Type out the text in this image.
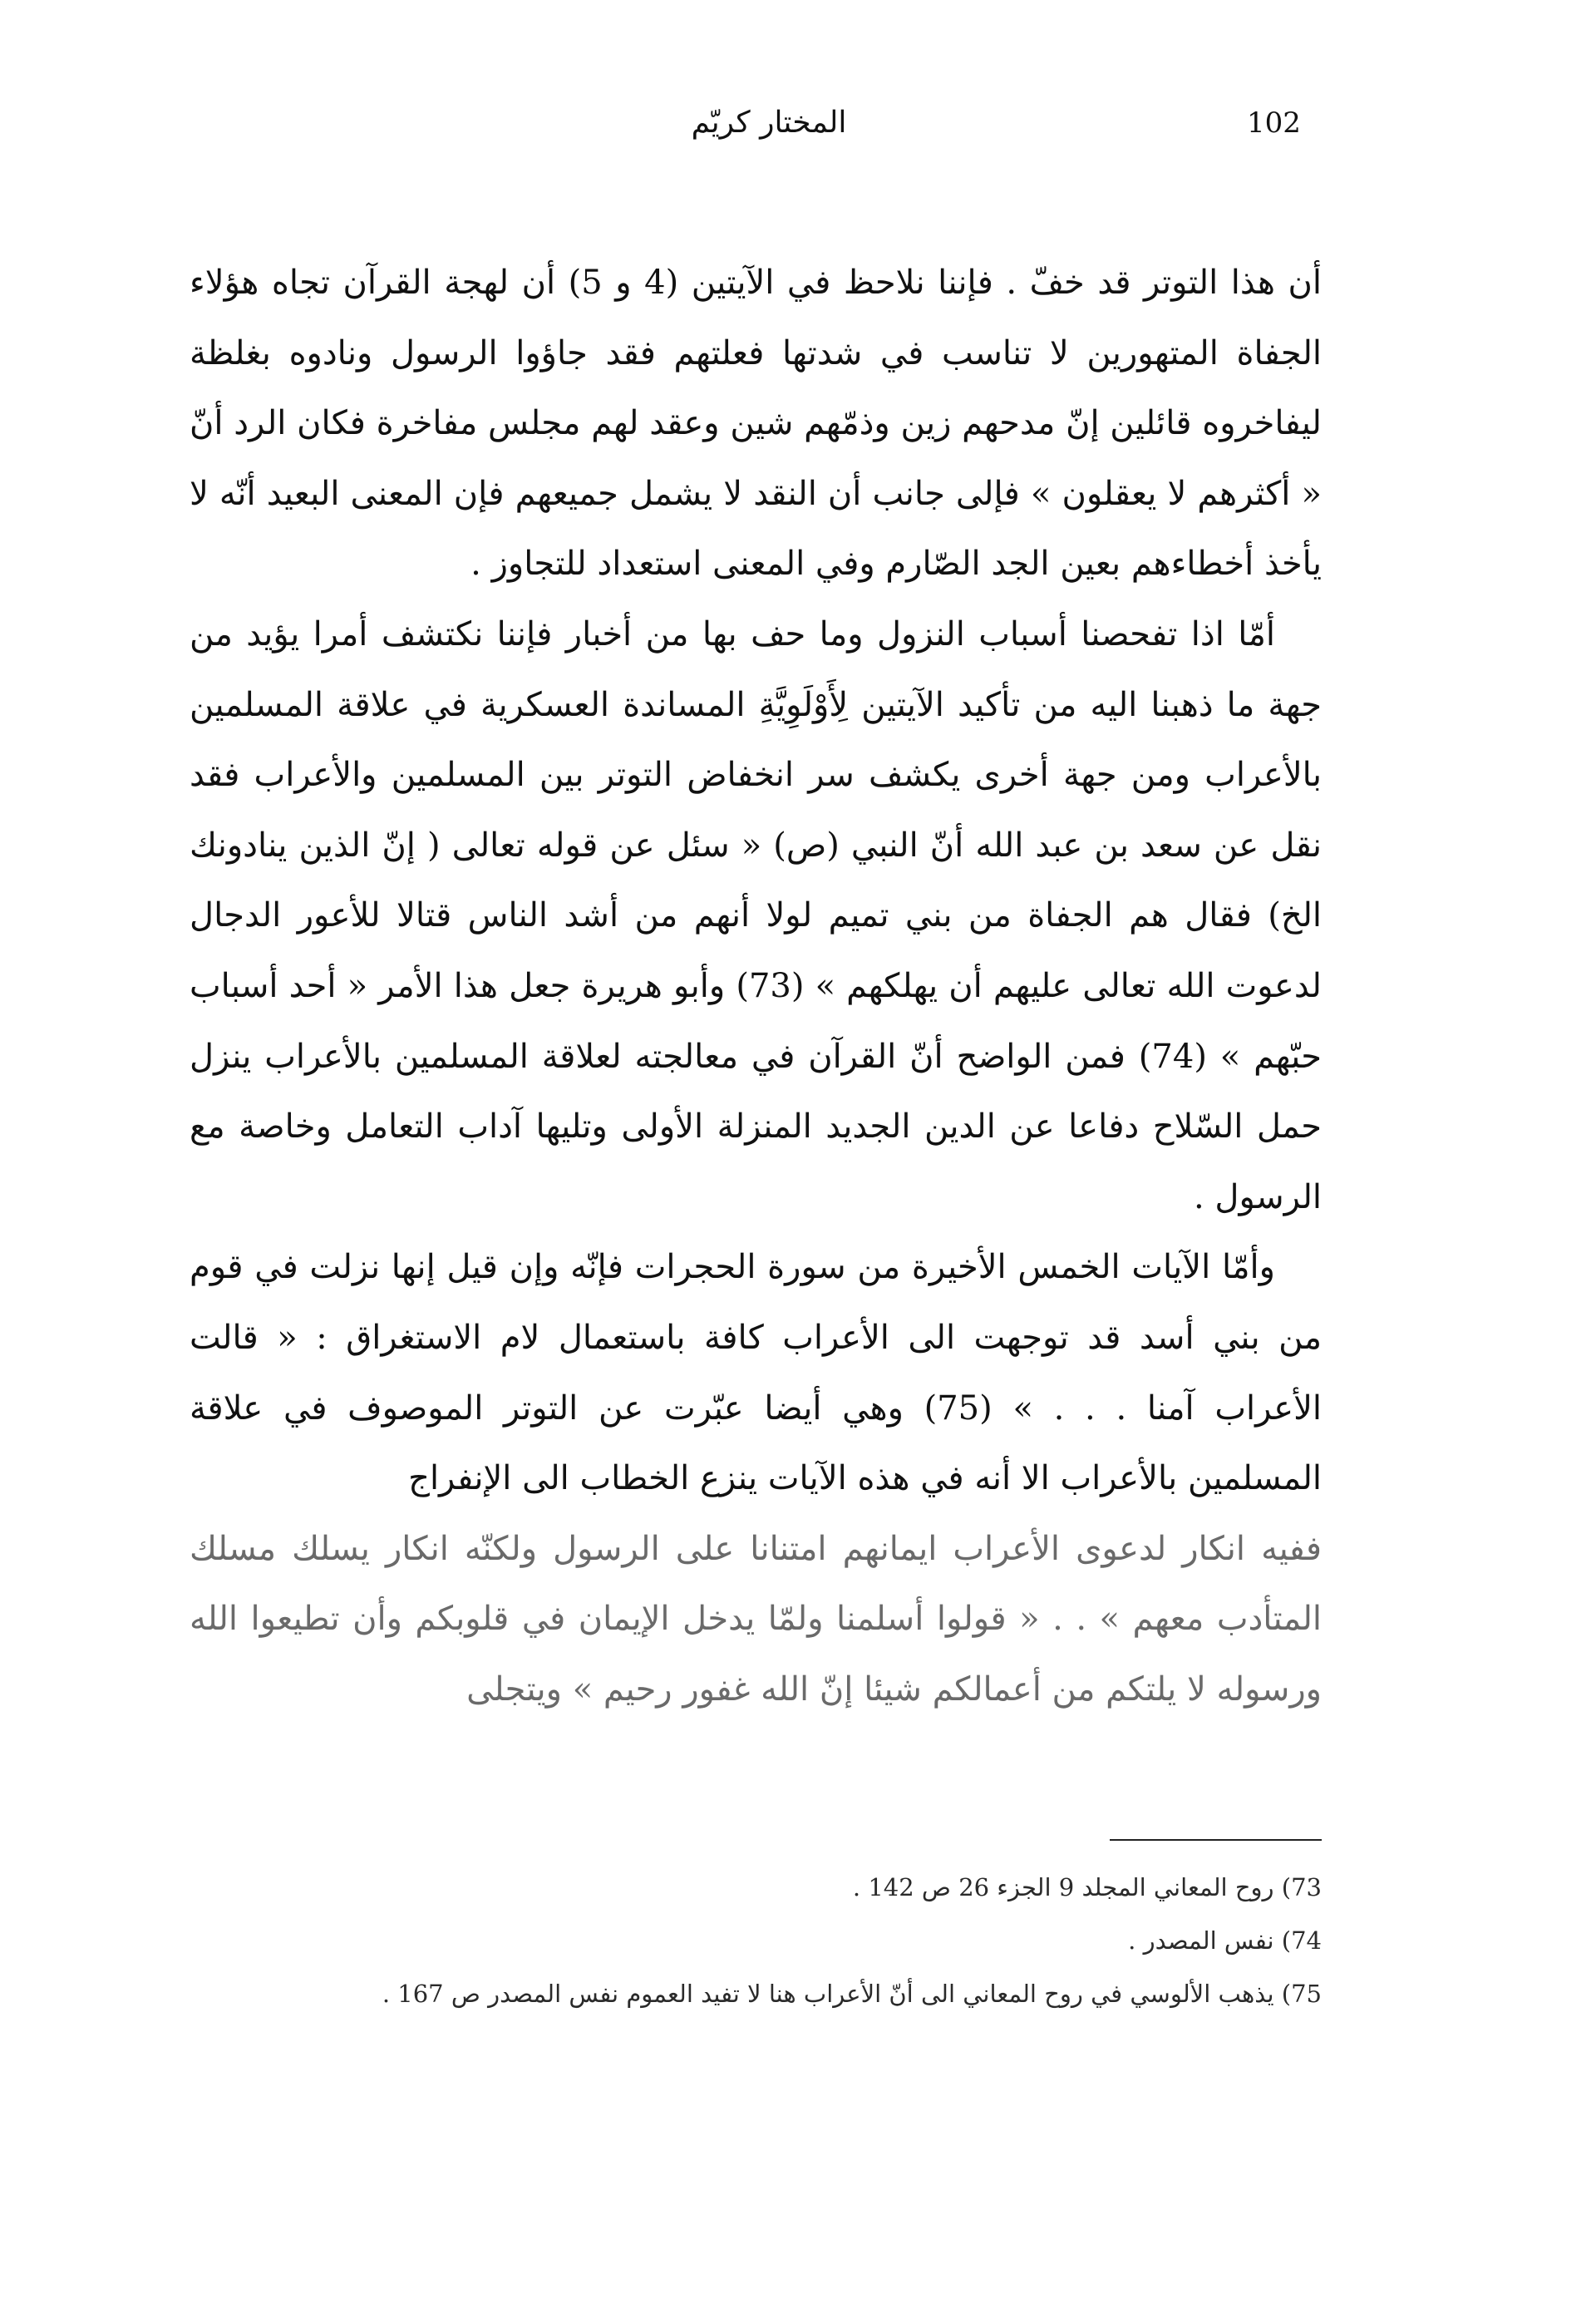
المختار كريّم	102

أن هذا التوتر قد خفّ . فإننا نلاحظ في الآيتين (4 و 5) أن لهجة القرآن تجاه هؤلاء الجفاة المتهورين لا تناسب في شدتها فعلتهم فقد جاؤوا الرسول ونادوه بغلظة ليفاخروه قائلين إنّ مدحهم زين وذمّهم شين وعقد لهم مجلس مفاخرة فكان الرد أنّ « أكثرهم لا يعقلون » فإلى جانب أن النقد لا يشمل جميعهم فإن المعنى البعيد أنّه لا يأخذ أخطاءهم بعين الجد الصّارم وفي المعنى استعداد للتجاوز .

أمّا اذا تفحصنا أسباب النزول وما حف بها من أخبار فإننا نكتشف أمرا يؤيد من جهة ما ذهبنا اليه من تأكيد الآيتين لِأَوْلَوِيَّةِ المساندة العسكرية في علاقة المسلمين بالأعراب ومن جهة أخرى يكشف سر انخفاض التوتر بين المسلمين والأعراب فقد نقل عن سعد بن عبد الله أنّ النبي (ص) « سئل عن قوله تعالى ( إنّ الذين ينادونك الخ) فقال هم الجفاة من بني تميم لولا أنهم من أشد الناس قتالا للأعور الدجال لدعوت الله تعالى عليهم أن يهلكهم » (73) وأبو هريرة جعل هذا الأمر « أحد أسباب حبّهم » (74) فمن الواضح أنّ القرآن في معالجته لعلاقة المسلمين بالأعراب ينزل حمل السّلاح دفاعا عن الدين الجديد المنزلة الأولى وتليها آداب التعامل وخاصة مع الرسول .

وأمّا الآيات الخمس الأخيرة من سورة الحجرات فإنّه وإن قيل إنها نزلت في قوم من بني أسد قد توجهت الى الأعراب كافة باستعمال لام الاستغراق : « قالت الأعراب آمنا . . . » (75) وهي أيضا عبّرت عن التوتر الموصوف في علاقة المسلمين بالأعراب الا أنه في هذه الآيات ينزع الخطاب الى الإنفراج

ففيه انكار لدعوى الأعراب ايمانهم امتنانا على الرسول ولكنّه انكار يسلك مسلك المتأدب معهم » . . « قولوا أسلمنا ولمّا يدخل الإيمان في قلوبكم وأن تطيعوا الله ورسوله لا يلتكم من أعمالكم شيئا إنّ الله غفور رحيم » ويتجلى

73) روح المعاني المجلد 9 الجزء 26 ص 142 .

74) نفس المصدر .

75) يذهب الألوسي في روح المعاني الى أنّ الأعراب هنا لا تفيد العموم نفس المصدر ص 167 .
